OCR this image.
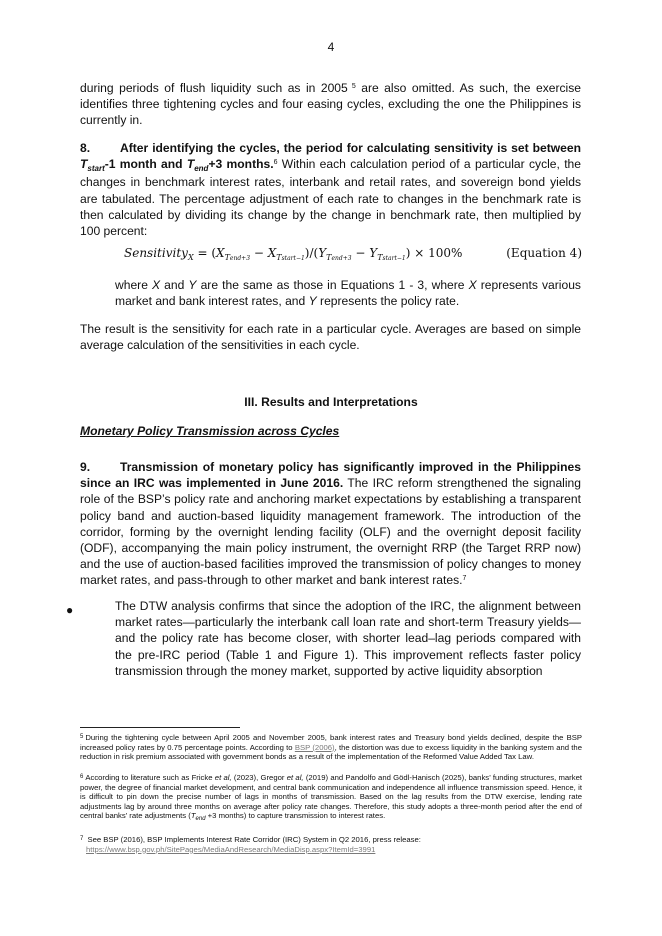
4
during periods of flush liquidity such as in 2005 $^5$ are also omitted. As such, the exercise identifies three tightening cycles and four easing cycles, excluding the one the Philippines is currently in.
8. After identifying the cycles, the period for calculating sensitivity is set between $T_{start}-1$ month and $T_{end}+3$ months.$^6$ Within each calculation period of a particular cycle, the changes in benchmark interest rates, interbank and retail rates, and sovereign bond yields are tabulated. The percentage adjustment of each rate to changes in the benchmark rate is then calculated by dividing its change by the change in benchmark rate, then multiplied by 100 percent:
Sensitivity$_X$ = $(X_{Tend+3} - X_{Tstart-1})/(Y_{Tend+3} - Y_{Tstart-1}) \times 100\%$	(Equation 4)
where X and Y are the same as those in Equations 1 - 3, where X represents various market and bank interest rates, and Y represents the policy rate.
The result is the sensitivity for each rate in a particular cycle. Averages are based on simple average calculation of the sensitivities in each cycle.
III. Results and Interpretations
Monetary Policy Transmission across Cycles
9. Transmission of monetary policy has significantly improved in the Philippines since an IRC was implemented in June 2016. The IRC reform strengthened the signaling role of the BSP’s policy rate and anchoring market expectations by establishing a transparent policy band and auction-based liquidity management framework. The introduction of the corridor, forming by the overnight lending facility (OLF) and the overnight deposit facility (ODF), accompanying the main policy instrument, the overnight RRP (the Target RRP now) and the use of auction-based facilities improved the transmission of policy changes to money market rates, and pass-through to other market and bank interest rates.$^7$
●	The DTW analysis confirms that since the adoption of the IRC, the alignment between market rates—particularly the interbank call loan rate and short-term Treasury yields—and the policy rate has become closer, with shorter lead–lag periods compared with the pre-IRC period (Table 1 and Figure 1). This improvement reflects faster policy transmission through the money market, supported by active liquidity absorption
$^5$ During the tightening cycle between April 2005 and November 2005, bank interest rates and Treasury bond yields declined, despite the BSP increased policy rates by 0.75 percentage points. According to BSP (2006), the distortion was due to excess liquidity in the banking system and the reduction in risk premium associated with government bonds as a result of the implementation of the Reformed Value Added Tax Law.
$^6$ According to literature such as Fricke et al, (2023), Gregor et al, (2019) and Pandolfo and Gödl-Hanisch (2025), banks’ funding structures, market power, the degree of financial market development, and central bank communication and independence all influence transmission speed. Hence, it is difficult to pin down the precise number of lags in months of transmission. Based on the lag results from the DTW exercise, lending rate adjustments lag by around three months on average after policy rate changes. Therefore, this study adopts a three-month period after the end of central banks’ rate adjustments ($T_{end} +3$ months) to capture transmission to interest rates.
$^7$ See BSP (2016), BSP Implements Interest Rate Corridor (IRC) System in Q2 2016, press release:
https://www.bsp.gov.ph/SitePages/MediaAndResearch/MediaDisp.aspx?ItemId=3991
